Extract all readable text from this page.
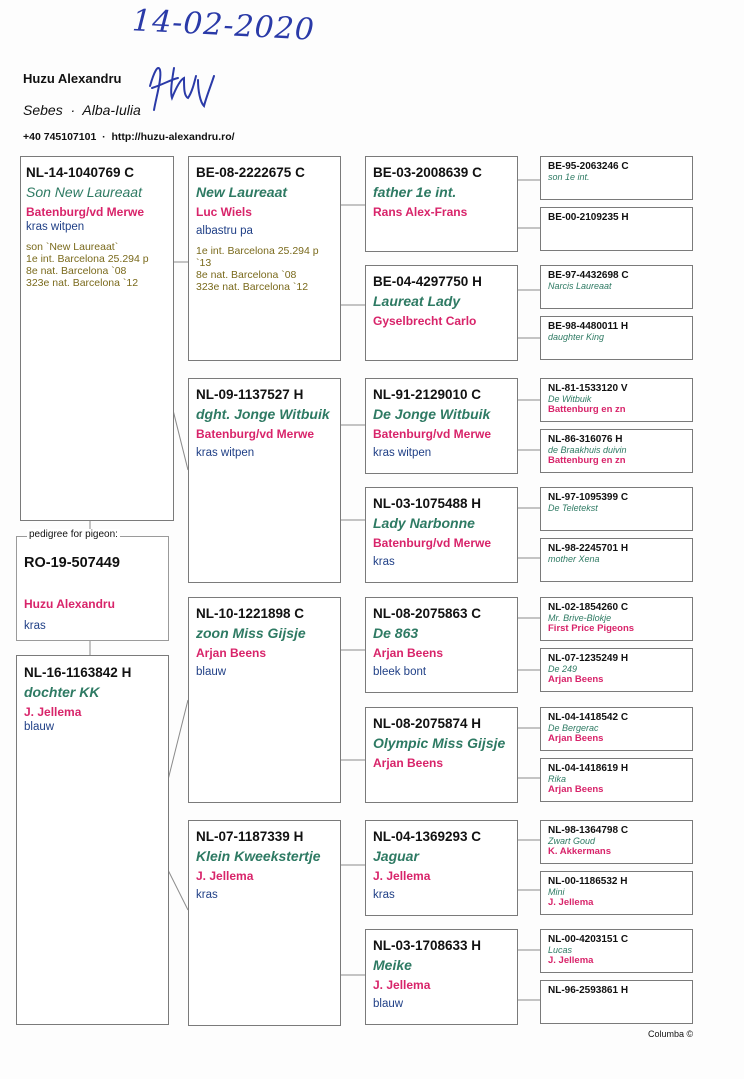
14-02-2020
Huzu Alexandru
Sebes  ·  Alba-Iulia
+40 745107101  ·  http://huzu-alexandru.ro/
NL-14-1040769 C
Son New Laureaat
Batenburg/vd Merwe
kras witpen
son `New Laureaat`
1e int. Barcelona 25.294 p
8e nat. Barcelona `08
323e nat. Barcelona `12
pedigree for pigeon:
RO-19-507449
Huzu Alexandru
kras
NL-16-1163842 H
dochter KK
J. Jellema
blauw
BE-08-2222675 C
New Laureaat
Luc Wiels
albastru pa
1e int. Barcelona 25.294 p
`13
8e nat. Barcelona `08
323e nat. Barcelona `12
NL-09-1137527 H
dght. Jonge Witbuik
Batenburg/vd Merwe
kras witpen
NL-10-1221898 C
zoon Miss Gijsje
Arjan Beens
blauw
NL-07-1187339 H
Klein Kweekstertje
J. Jellema
kras
BE-03-2008639 C
father 1e int.
Rans Alex-Frans
BE-04-4297750 H
Laureat Lady
Gyselbrecht Carlo
NL-91-2129010 C
De Jonge Witbuik
Batenburg/vd Merwe
kras witpen
NL-03-1075488 H
Lady Narbonne
Batenburg/vd Merwe
kras
NL-08-2075863 C
De 863
Arjan Beens
bleek bont
NL-08-2075874 H
Olympic Miss Gijsje
Arjan Beens
NL-04-1369293 C
Jaguar
J. Jellema
kras
NL-03-1708633 H
Meike
J. Jellema
blauw
BE-95-2063246 C
son 1e int.
BE-00-2109235 H
BE-97-4432698 C
Narcis Laureaat
BE-98-4480011 H
daughter King
NL-81-1533120 V
De Witbuik
Battenburg en zn
NL-86-316076 H
de Braakhuis duivin
Battenburg en zn
NL-97-1095399 C
De Teletekst
NL-98-2245701 H
mother Xena
NL-02-1854260 C
Mr. Brive-Blokje
First Price Pigeons
NL-07-1235249 H
De 249
Arjan Beens
NL-04-1418542 C
De Bergerac
Arjan Beens
NL-04-1418619 H
Rika
Arjan Beens
NL-98-1364798 C
Zwart Goud
K. Akkermans
NL-00-1186532 H
Mini
J. Jellema
NL-00-4203151 C
Lucas
J. Jellema
NL-96-2593861 H
Columba ©
